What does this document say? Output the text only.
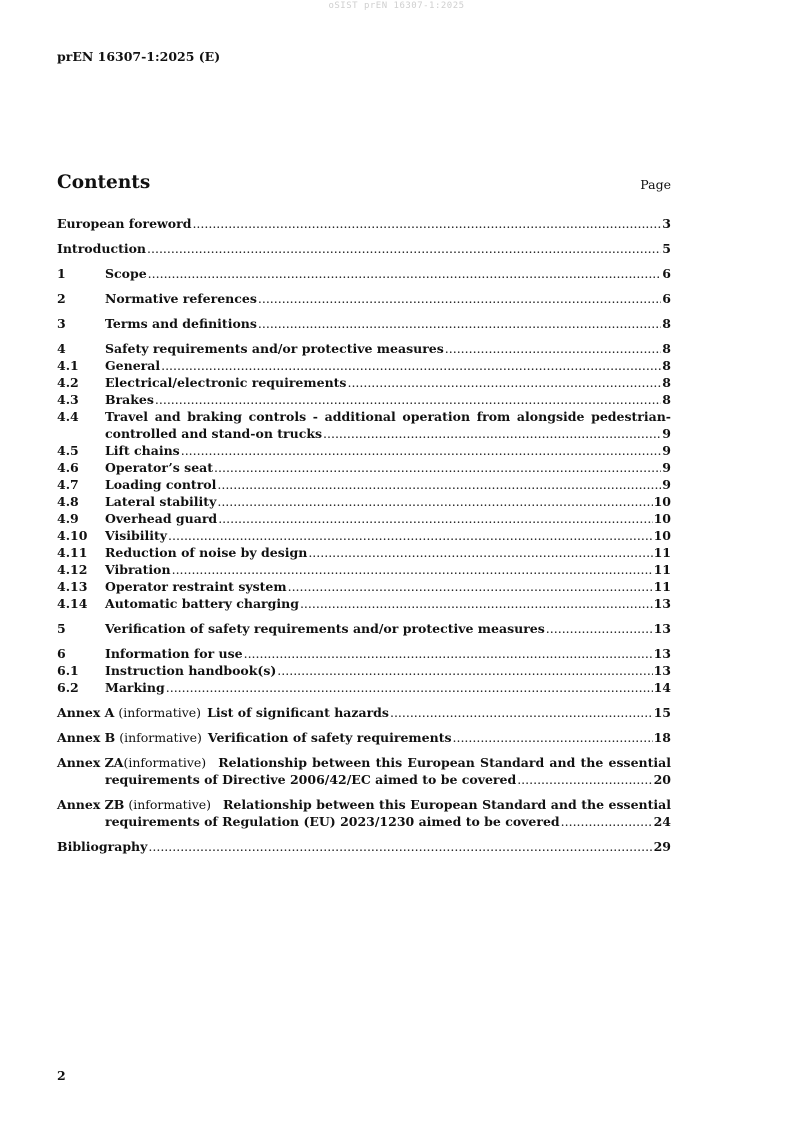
oSIST prEN 16307-1:2025
prEN 16307-1:2025 (E)
Contents	Page
European foreword .....	3
Introduction .....	5
1	Scope .....	6
2	Normative references .....	6
3	Terms and definitions .....	8
4	Safety requirements and/or protective measures .....	8
4.1	General .....	8
4.2	Electrical/electronic requirements .....	8
4.3	Brakes .....	8
4.4	Travel and braking controls - additional operation from alongside pedestrian-
controlled and stand-on trucks .....	9
4.5	Lift chains .....	9
4.6	Operator’s seat .....	9
4.7	Loading control .....	9
4.8	Lateral stability .....	10
4.9	Overhead guard .....	10
4.10	Visibility .....	10
4.11	Reduction of noise by design .....	11
4.12	Vibration .....	11
4.13	Operator restraint system .....	11
4.14	Automatic battery charging .....	13
5	Verification of safety requirements and/or protective measures .....	13
6	Information for use .....	13
6.1	Instruction handbook(s) .....	13
6.2	Marking .....	14
Annex A (informative) List of significant hazards .....	15
Annex B (informative) Verification of safety requirements .....	18
Annex ZA (informative) Relationship between this European Standard and the essential
requirements of Directive 2006/42/EC aimed to be covered .....	20
Annex ZB (informative) Relationship between this European Standard and the essential
requirements of Regulation (EU) 2023/1230 aimed to be covered .....	24
Bibliography .....	29
2
